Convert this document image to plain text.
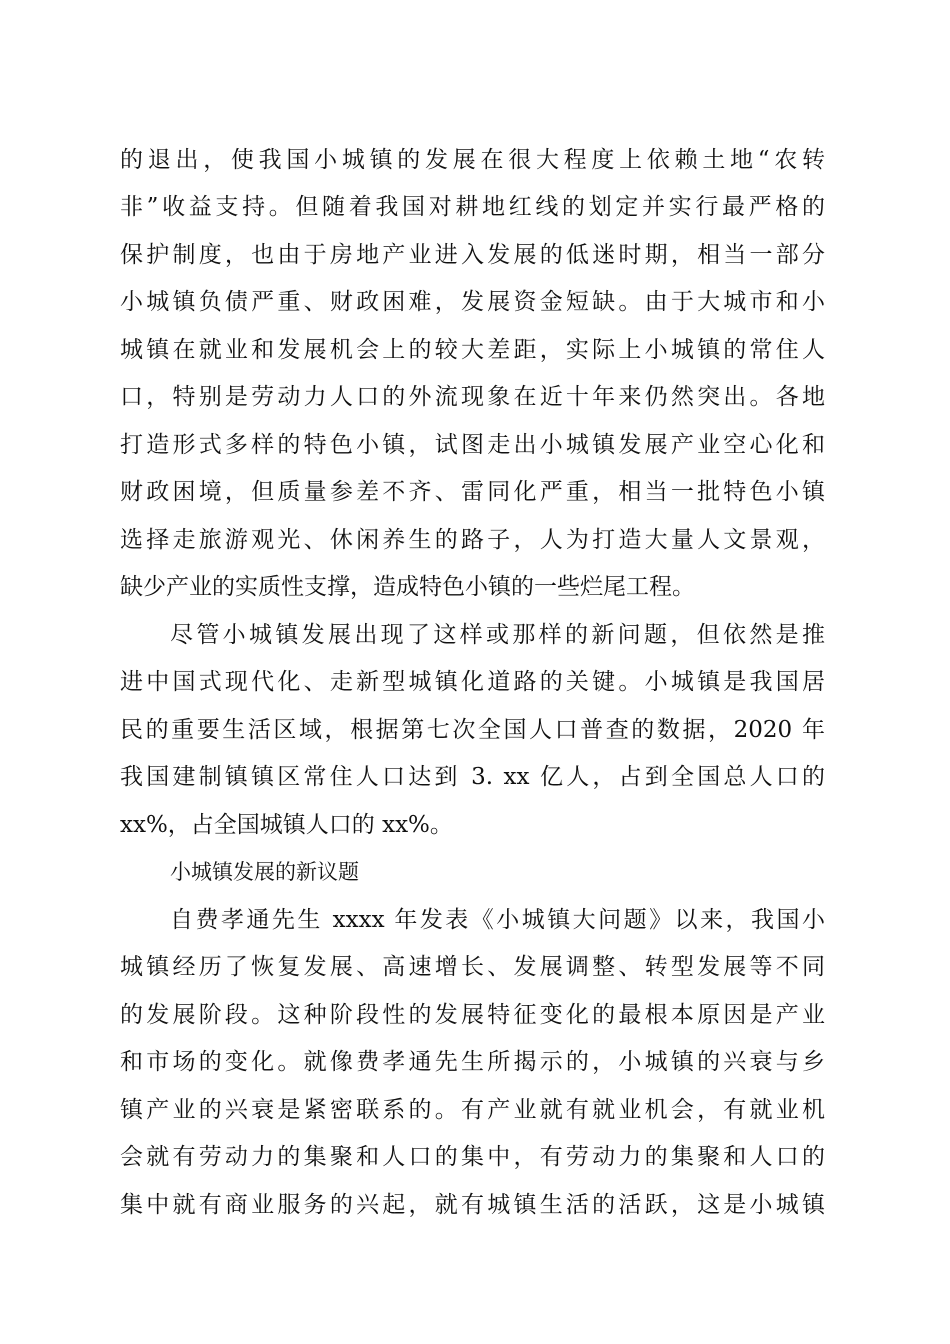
的退出，使我国小城镇的发展在很大程度上依赖土地“农转
非”收益支持。但随着我国对耕地红线的划定并实行最严格的
保护制度，也由于房地产业进入发展的低迷时期，相当一部分
小城镇负债严重、财政困难，发展资金短缺。由于大城市和小
城镇在就业和发展机会上的较大差距，实际上小城镇的常住人
口，特别是劳动力人口的外流现象在近十年来仍然突出。各地
打造形式多样的特色小镇，试图走出小城镇发展产业空心化和
财政困境，但质量参差不齐、雷同化严重，相当一批特色小镇
选择走旅游观光、休闲养生的路子，人为打造大量人文景观，
缺少产业的实质性支撑，造成特色小镇的一些烂尾工程。
尽管小城镇发展出现了这样或那样的新问题，但依然是推
进中国式现代化、走新型城镇化道路的关键。小城镇是我国居
民的重要生活区域，根据第七次全国人口普查的数据，2020 年
我国建制镇镇区常住人口达到 3. xx 亿人，占到全国总人口的
xx%，占全国城镇人口的 xx%。
小城镇发展的新议题
自费孝通先生 xxxx 年发表《小城镇大问题》以来，我国小
城镇经历了恢复发展、高速增长、发展调整、转型发展等不同
的发展阶段。这种阶段性的发展特征变化的最根本原因是产业
和市场的变化。就像费孝通先生所揭示的，小城镇的兴衰与乡
镇产业的兴衰是紧密联系的。有产业就有就业机会，有就业机
会就有劳动力的集聚和人口的集中，有劳动力的集聚和人口的
集中就有商业服务的兴起，就有城镇生活的活跃，这是小城镇
